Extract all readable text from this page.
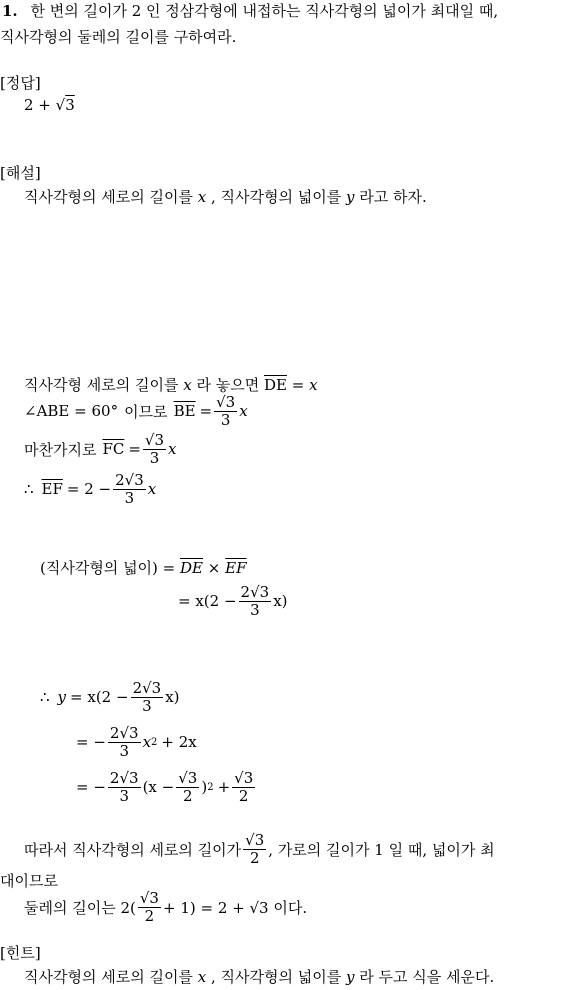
1. 한 변의 길이가 2 인 정삼각형에 내접하는 직사각형의 넓이가 최대일 때,
직사각형의 둘레의 길이를 구하여라.
[정답]
2 + √3
[해설]
직사각형의 세로의 길이를 x , 직사각형의 넓이를 y 라고 하자.
직사각형 세로의 길이를 x 라 놓으면 $\overline{DE} = x$
∠ABE = 60° 이므로 $\overline{BE} = \frac{√3}{3}$ x
마찬가지로 $\overline{FC} = \frac{√3}{3}$ x
∴ $\overline{EF} = 2 - \frac{2√3}{3}$ x
(직사각형의 넓이) = $\overline{DE} \times \overline{EF}$
= $x(2 - \frac{2√3}{3} x)$
∴ $y = x(2 - \frac{2√3}{3} x)$
= − $\frac{2√3}{3}$ x 2 + 2x
= − $\frac{2√3}{3} (x - \frac{√3}{2}$ ) $2 + \frac{√3}{2}$
따라서 직사각형의 세로의 길이가 $\frac{√3}{2}$ , 가로의 길이가 1 일 때, 넓이가 최
대이므로
둘레의 길이는 $2( \frac{√3}{2} + 1) = 2 + √3$ 이다.
[힌트]
직사각형의 세로의 길이를 x , 직사각형의 넓이를 y 라 두고 식을 세운다.
